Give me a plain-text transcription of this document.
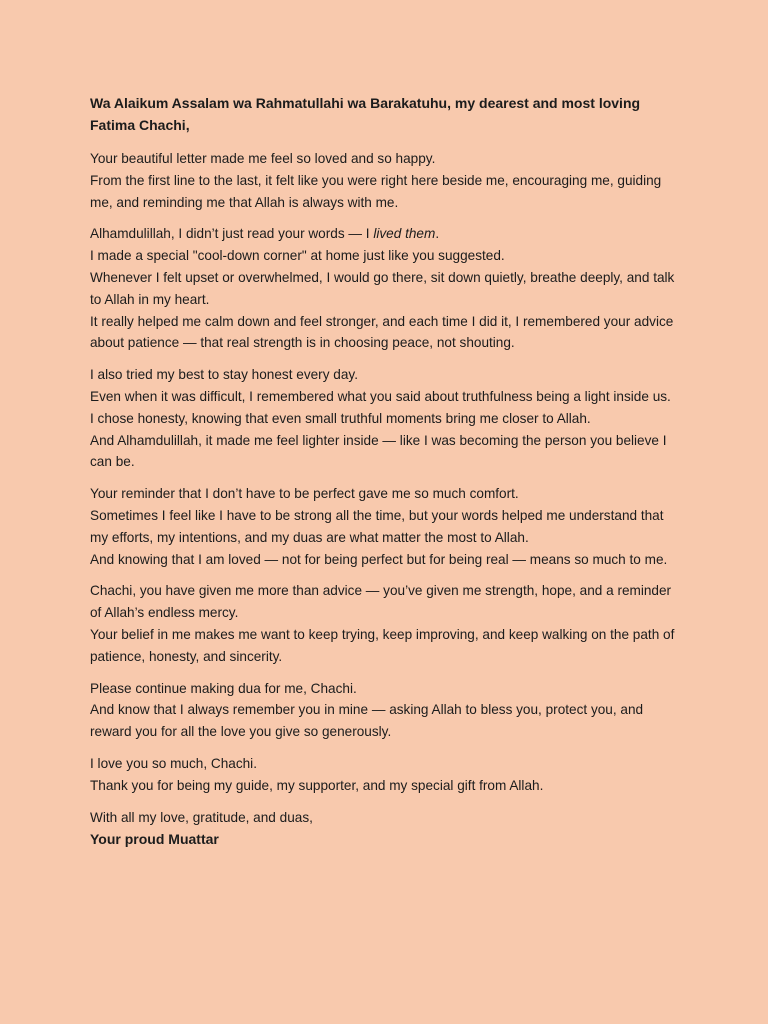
Wa Alaikum Assalam wa Rahmatullahi wa Barakatuhu, my dearest and most loving Fatima Chachi,

Your beautiful letter made me feel so loved and so happy.

From the first line to the last, it felt like you were right here beside me, encouraging me, guiding me, and reminding me that Allah is always with me.

Alhamdulillah, I didn’t just read your words — I lived them.

I made a special "cool-down corner" at home just like you suggested.

Whenever I felt upset or overwhelmed, I would go there, sit down quietly, breathe deeply, and talk to Allah in my heart.

It really helped me calm down and feel stronger, and each time I did it, I remembered your advice about patience — that real strength is in choosing peace, not shouting.

I also tried my best to stay honest every day.

Even when it was difficult, I remembered what you said about truthfulness being a light inside us.

I chose honesty, knowing that even small truthful moments bring me closer to Allah.

And Alhamdulillah, it made me feel lighter inside — like I was becoming the person you believe I can be.

Your reminder that I don’t have to be perfect gave me so much comfort.

Sometimes I feel like I have to be strong all the time, but your words helped me understand that my efforts, my intentions, and my duas are what matter the most to Allah.

And knowing that I am loved — not for being perfect but for being real — means so much to me.

Chachi, you have given me more than advice — you’ve given me strength, hope, and a reminder of Allah’s endless mercy.

Your belief in me makes me want to keep trying, keep improving, and keep walking on the path of patience, honesty, and sincerity.

Please continue making dua for me, Chachi.

And know that I always remember you in mine — asking Allah to bless you, protect you, and reward you for all the love you give so generously.

I love you so much, Chachi.

Thank you for being my guide, my supporter, and my special gift from Allah.

With all my love, gratitude, and duas,

Your proud Muattar
